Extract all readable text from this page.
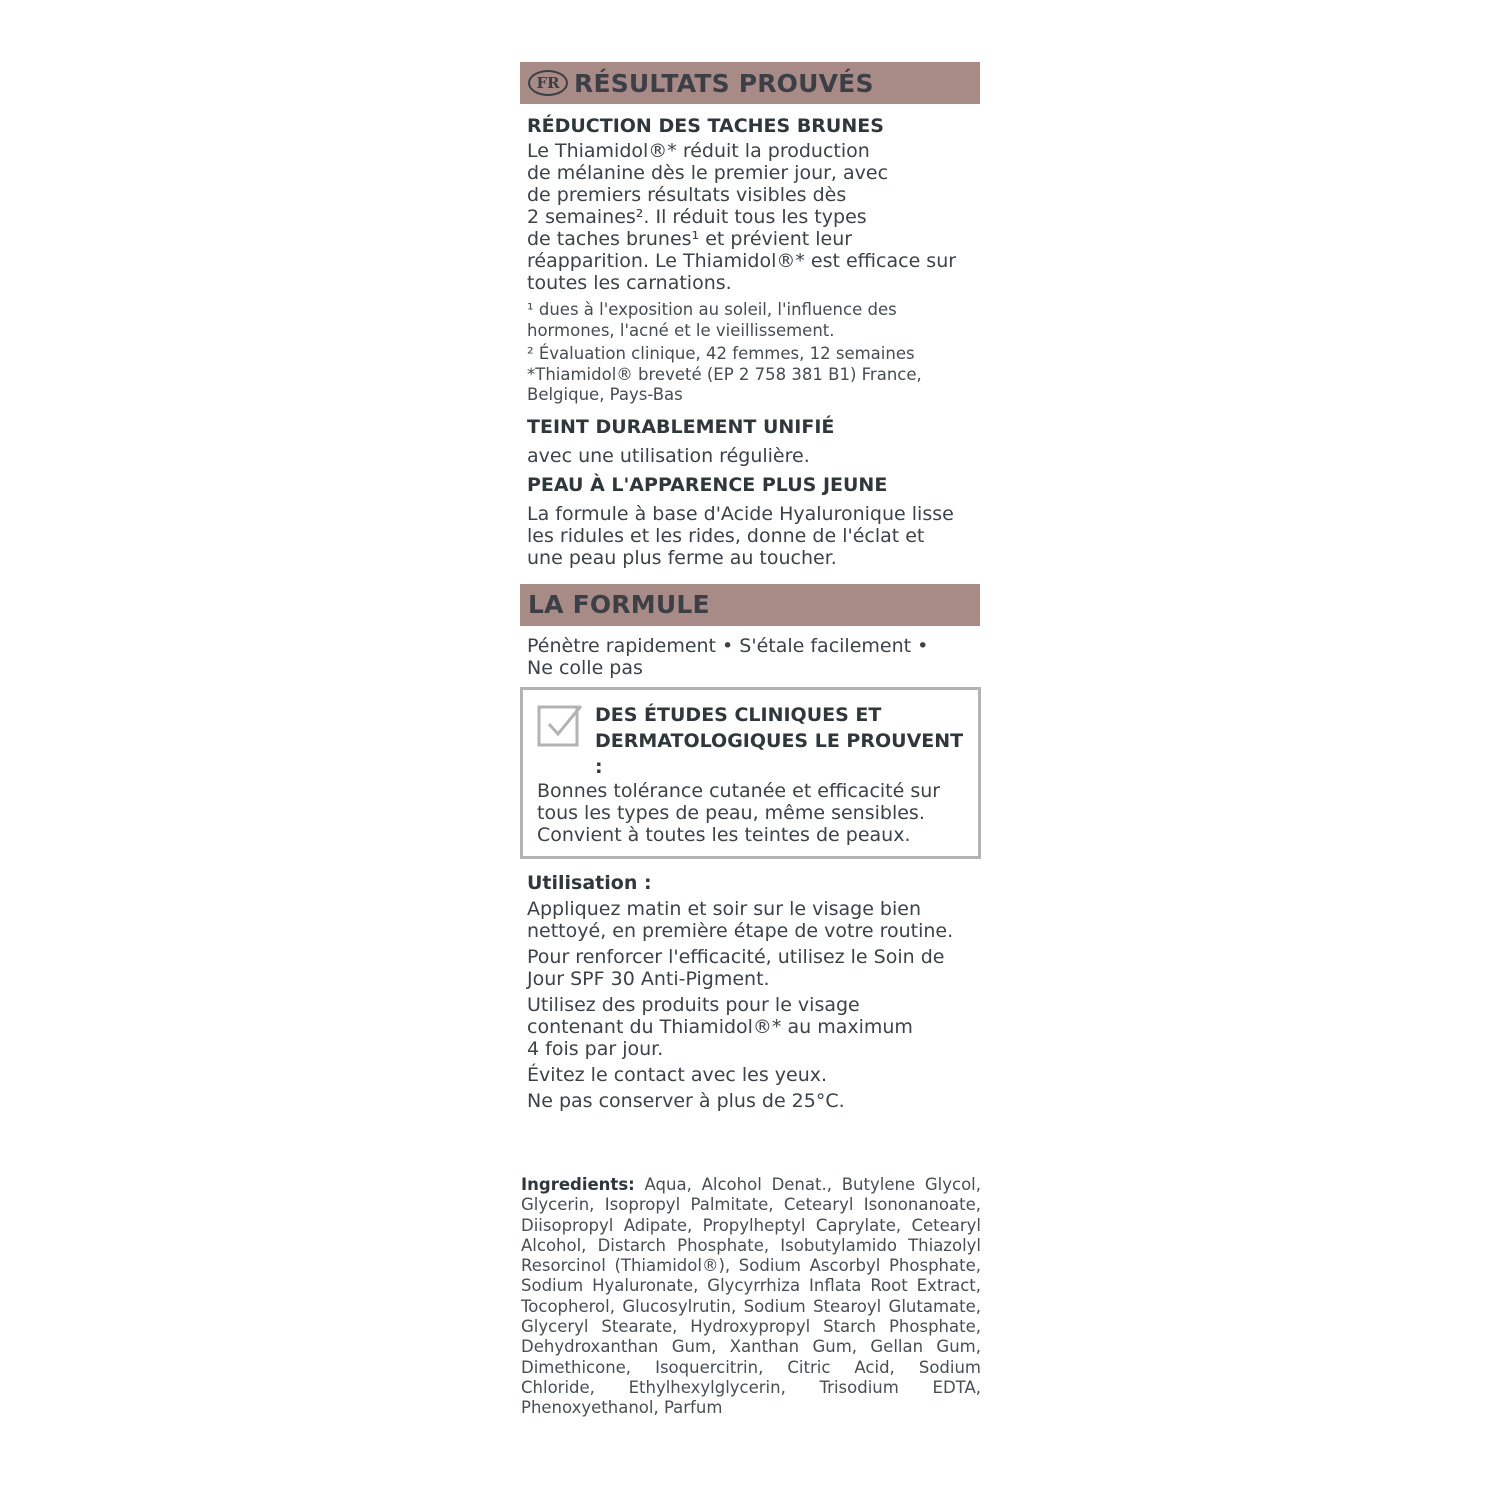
FR RÉSULTATS PROUVÉS
RÉDUCTION DES TACHES BRUNES
Le Thiamidol®* réduit la production
de mélanine dès le premier jour, avec
de premiers résultats visibles dès
2 semaines². Il réduit tous les types
de taches brunes¹ et prévient leur
réapparition. Le Thiamidol®* est efficace sur
toutes les carnations.
¹ dues à l'exposition au soleil, l'influence des
hormones, l'acné et le vieillissement.
² Évaluation clinique, 42 femmes, 12 semaines
*Thiamidol® breveté (EP 2 758 381 B1) France,
Belgique, Pays-Bas
TEINT DURABLEMENT UNIFIÉ
avec une utilisation régulière.
PEAU À L'APPARENCE PLUS JEUNE
La formule à base d'Acide Hyaluronique lisse
les ridules et les rides, donne de l'éclat et
une peau plus ferme au toucher.
LA FORMULE
Pénètre rapidement • S'étale facilement •
Ne colle pas
DES ÉTUDES CLINIQUES ET
DERMATOLOGIQUES LE PROUVENT :
Bonnes tolérance cutanée et efficacité sur
tous les types de peau, même sensibles.
Convient à toutes les teintes de peaux.
Utilisation :
Appliquez matin et soir sur le visage bien
nettoyé, en première étape de votre routine.
Pour renforcer l'efficacité, utilisez le Soin de
Jour SPF 30 Anti-Pigment.
Utilisez des produits pour le visage
contenant du Thiamidol®* au maximum
4 fois par jour.
Évitez le contact avec les yeux.
Ne pas conserver à plus de 25°C.
Ingredients: Aqua, Alcohol Denat., Butylene Glycol, Glycerin, Isopropyl Palmitate, Cetearyl Isononanoate, Diisopropyl Adipate, Propylheptyl Caprylate, Cetearyl Alcohol, Distarch Phosphate, Isobutylamido Thiazolyl Resorcinol (Thiamidol®), Sodium Ascorbyl Phosphate, Sodium Hyaluronate, Glycyrrhiza Inflata Root Extract, Tocopherol, Glucosylrutin, Sodium Stearoyl Glutamate, Glyceryl Stearate, Hydroxypropyl Starch Phosphate, Dehydroxanthan Gum, Xanthan Gum, Gellan Gum, Dimethicone, Isoquercitrin, Citric Acid, Sodium Chloride, Ethylhexylglycerin, Trisodium EDTA, Phenoxyethanol, Parfum
